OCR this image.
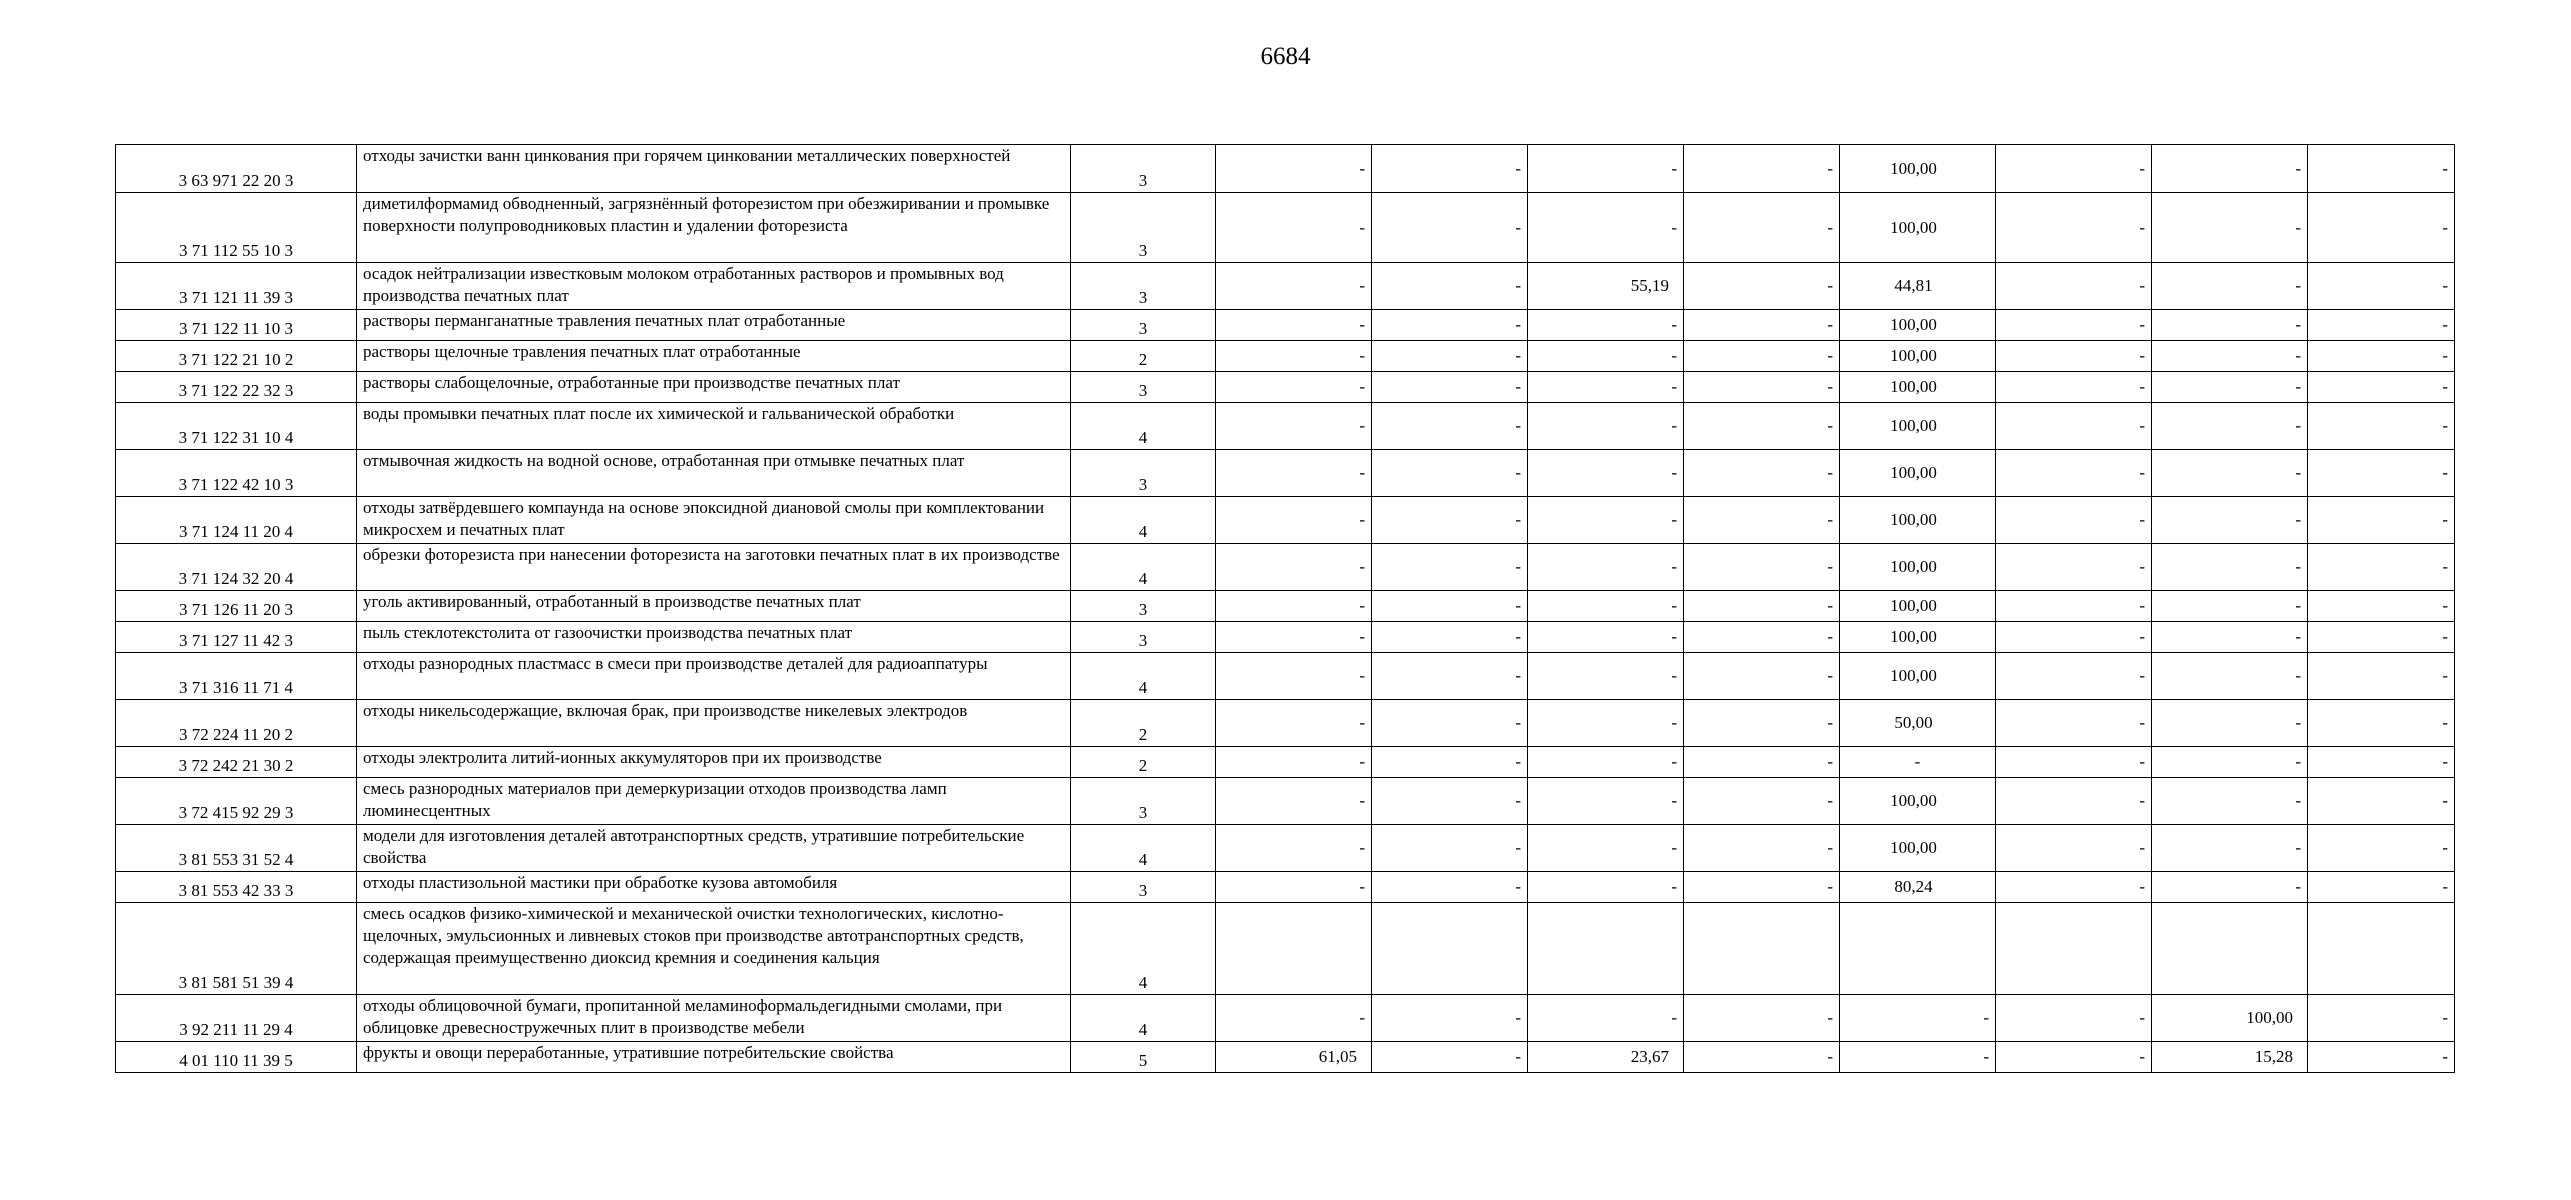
6684
3 63 971 22 20 3	отходы зачистки ванн цинкования при горячем цинковании металлических поверхностей	3	-	-	-	-	100,00	-	-	-
3 71 112 55 10 3	диметилформамид обводненный, загрязнённый фоторезистом при обезжиривании и промывке поверхности полупроводниковых пластин и удалении фоторезиста	3	-	-	-	-	100,00	-	-	-
3 71 121 11 39 3	осадок нейтрализации известковым молоком отработанных растворов и промывных вод производства печатных плат	3	-	-	55,19	-	44,81	-	-	-
3 71 122 11 10 3	растворы перманганатные травления печатных плат отработанные	3	-	-	-	-	100,00	-	-	-
3 71 122 21 10 2	растворы щелочные травления печатных плат отработанные	2	-	-	-	-	100,00	-	-	-
3 71 122 22 32 3	растворы слабощелочные, отработанные при производстве печатных плат	3	-	-	-	-	100,00	-	-	-
3 71 122 31 10 4	воды промывки печатных плат после их химической и гальванической обработки	4	-	-	-	-	100,00	-	-	-
3 71 122 42 10 3	отмывочная жидкость на водной основе, отработанная при отмывке печатных плат	3	-	-	-	-	100,00	-	-	-
3 71 124 11 20 4	отходы затвёрдевшего компаунда на основе эпоксидной диановой смолы при комплектовании микросхем и печатных плат	4	-	-	-	-	100,00	-	-	-
3 71 124 32 20 4	обрезки фоторезиста при нанесении фоторезиста на заготовки печатных плат в их производстве	4	-	-	-	-	100,00	-	-	-
3 71 126 11 20 3	уголь активированный, отработанный в производстве печатных плат	3	-	-	-	-	100,00	-	-	-
3 71 127 11 42 3	пыль стеклотекстолита от газоочистки производства печатных плат	3	-	-	-	-	100,00	-	-	-
3 71 316 11 71 4	отходы разнородных пластмасс в смеси при производстве деталей для радиоаппатуры	4	-	-	-	-	100,00	-	-	-
3 72 224 11 20 2	отходы никельсодержащие, включая брак, при производстве никелевых электродов	2	-	-	-	-	50,00	-	-	-
3 72 242 21 30 2	отходы электролита литий-ионных аккумуляторов при их производстве	2	-	-	-	-	-	-	-	-
3 72 415 92 29 3	смесь разнородных материалов при демеркуризации отходов производства ламп люминесцентных	3	-	-	-	-	100,00	-	-	-
3 81 553 31 52 4	модели для изготовления деталей автотранспортных средств, утратившие потребительские свойства	4	-	-	-	-	100,00	-	-	-
3 81 553 42 33 3	отходы пластизольной мастики при обработке кузова автомобиля	3	-	-	-	-	80,24	-	-	-
3 81 581 51 39 4	смесь осадков физико-химической и механической очистки технологических, кислотно-щелочных, эмульсионных и ливневых стоков при производстве автотранспортных средств, содержащая преимущественно диоксид кремния и соединения кальция	4								
3 92 211 11 29 4	отходы облицовочной бумаги, пропитанной меламиноформальдегидными смолами, при облицовке древесностружечных плит в производстве мебели	4	-	-	-	-	-	-	100,00	-
4 01 110 11 39 5	фрукты и овощи переработанные, утратившие потребительские свойства	5	61,05	-	23,67	-	-	-	15,28	-
